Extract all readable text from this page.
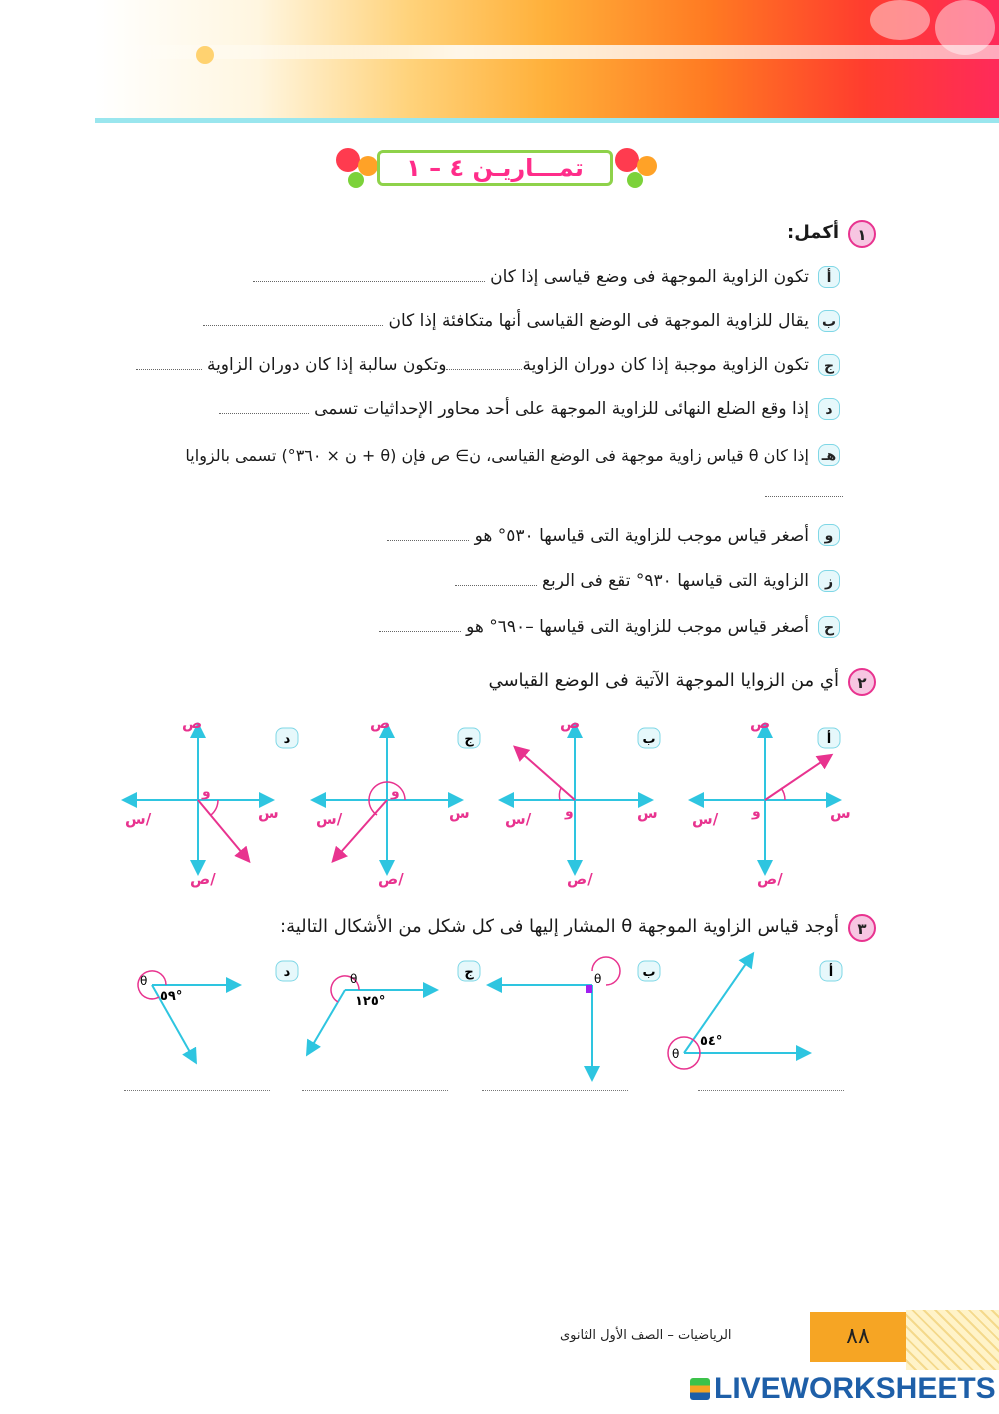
تمـــاريـن ٤ – ١
١
أكمل:
أ
تكون الزاوية الموجهة فى وضع قياسى إذا كان
ب
يقال للزاوية الموجهة فى الوضع القياسى أنها متكافئة إذا كان
ج
تكون الزاوية موجبة إذا كان دوران الزاويةوتكون سالبة إذا كان دوران الزاوية
د
إذا وقع الضلع النهائى للزاوية الموجهة على أحد محاور الإحداثيات تسمى
هـ
إذا كان θ قياس زاوية موجهة فى الوضع القياسى، ن∋ ص فإن (θ + ن × ٣٦٠°) تسمى بالزوايا
و
أصغر قياس موجب للزاوية التى قياسها ٥٣٠° هو
ز
الزاوية التى قياسها ٩٣٠° تقع فى الربع
ح
أصغر قياس موجب للزاوية التى قياسها –٦٩٠° هو
٢
أي من الزوايا الموجهة الآتية فى الوضع القياسي
أ
س
س/
ص
ص/
و
ب
س
س/
ص
ص/
و
ج
س
س/
ص
ص/
و
د
س
س/
ص
ص/
و
٣
أوجد قياس الزاوية الموجهة θ المشار إليها فى كل شكل من الأشكال التالية:
أ
θ
٥٤°
ب
θ
ج
θ
١٢٥°
د
θ
٥٩°
الرياضيات – الصف الأول الثانوى	٨٨
LIVEWORKSHEETS
